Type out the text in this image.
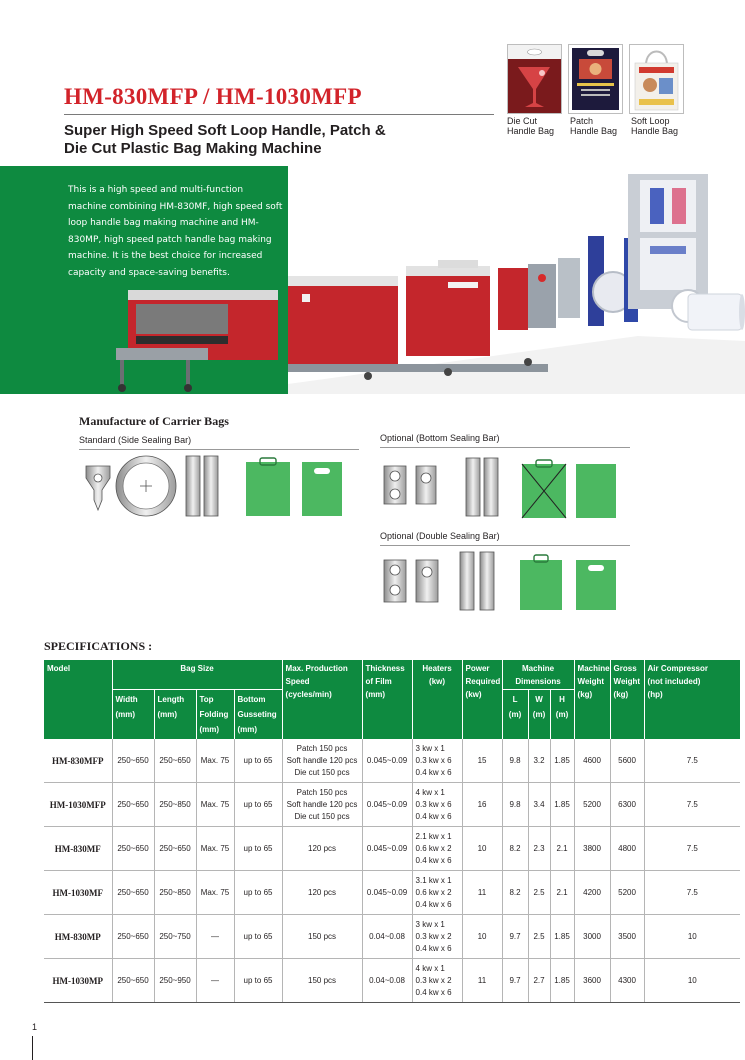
HM-830MFP / HM-1030MFP
Super High Speed Soft Loop Handle, Patch &
Die Cut Plastic Bag Making Machine
Die Cut
Handle Bag
Patch
Handle Bag
Soft Loop
Handle Bag
This is a high speed and multi-function machine combining HM-830MF, high speed soft loop handle bag making machine and HM-830MP, high speed patch handle bag making machine. It is the best choice for increased capacity and space-saving benefits.
Manufacture of Carrier Bags
Standard (Side Sealing Bar)	Optional (Bottom Sealing Bar)
Optional (Double Sealing Bar)
SPECIFICATIONS :
Model	Bag Size				Max. Production
Speed
(cycles/min)	Thickness
of Film
(mm)	Heaters
(kw)	Power
Required
(kw)	Machine Dimensions			Machine
Weight
(kg)	Gross
Weight
(kg)	Air Compressor
(not included)
(hp)

	Width
(mm)	Length
(mm)	Top
Folding
(mm)	Bottom
Gusseting
(mm)					L (m)	W (m)	H (m)			
HM-830MFP	250~650	250~650	Max. 75	up to 65	Patch 150 pcs
Soft handle 120 pcs
Die cut 150 pcs	0.045~0.09	3 kw x 1
0.3 kw x 6
0.4 kw x 6	15	9.8	3.2	1.85	4600	5600	7.5
HM-1030MFP	250~650	250~850	Max. 75	up to 65	Patch 150 pcs
Soft handle 120 pcs
Die cut 150 pcs	0.045~0.09	4 kw x 1
0.3 kw x 6
0.4 kw x 6	16	9.8	3.4	1.85	5200	6300	7.5
HM-830MF	250~650	250~650	Max. 75	up to 65	120 pcs	0.045~0.09	2.1 kw x 1
0.6 kw x 2
0.4 kw x 6	10	8.2	2.3	2.1	3800	4800	7.5
HM-1030MF	250~650	250~850	Max. 75	up to 65	120 pcs	0.045~0.09	3.1 kw x 1
0.6 kw x 2
0.4 kw x 6	11	8.2	2.5	2.1	4200	5200	7.5
HM-830MP	250~650	250~750	—	up to 65	150 pcs	0.04~0.08	3 kw x 1
0.3 kw x 2
0.4 kw x 6	10	9.7	2.5	1.85	3000	3500	10
HM-1030MP	250~650	250~950	—	up to 65	150 pcs	0.04~0.08	4 kw x 1
0.3 kw x 2
0.4 kw x 6	11	9.7	2.7	1.85	3600	4300	10
1
